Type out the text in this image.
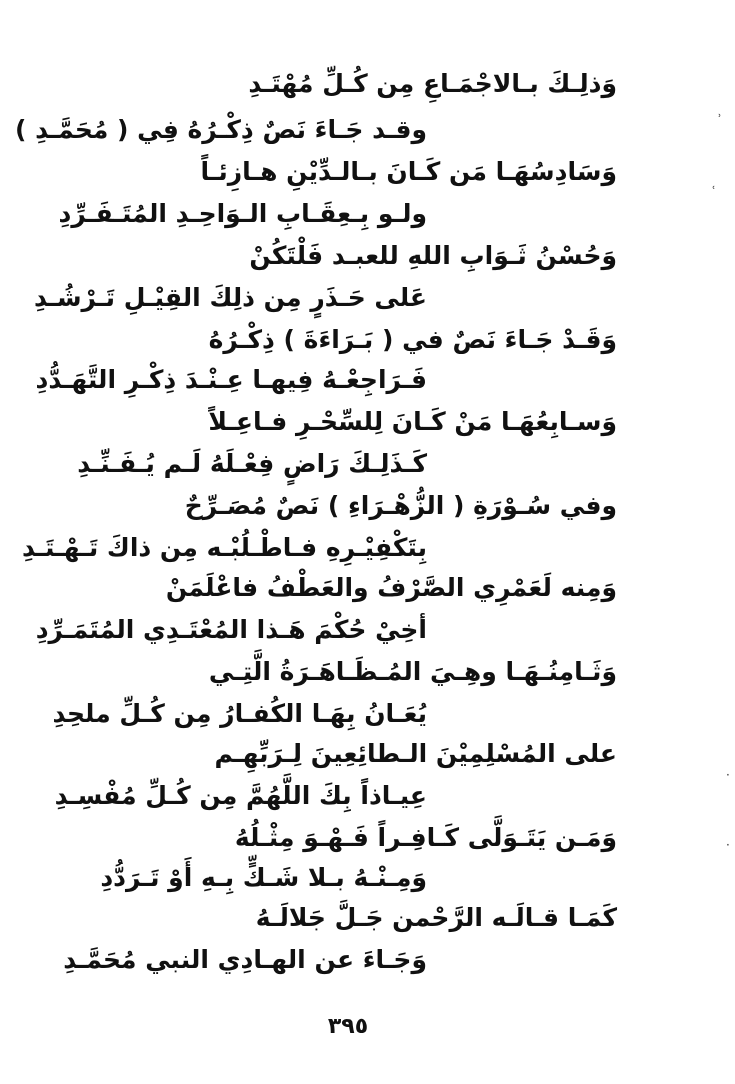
وَذلِـكَ بـالاجْمَـاعِ مِن كُـلِّ مُهْتَـدِ
وقـد جَـاءَ نَصٌ ذِكْـرُهُ فِي ( مُحَمَّـدِ )
وَسَادِسُهَـا مَن كَـانَ بـالـدِّيْنِ هـازِئـاً
ولـو بِـعِقَـابِ الـوَاحِـدِ المُتَـفَـرِّدِ
وَحُسْنُ ثَـوَابِ اللهِ للعبـد فَلْتَكُنْ
عَلى حَـذَرٍ مِن ذلِكَ القِيْـلِ تَـرْشُـدِ
وَقَـدْ جَـاءَ نَصٌ في ( بَـرَاءَةَ ) ذِكْـرُهُ
فَـرَاجِعْـهُ فِيهـا عِـنْـدَ ذِكْـرِ التَّهَـدُّدِ
وَسـابِعُهَـا مَنْ كَـانَ لِلسِّحْـرِ فـاعِـلاً
كَـذَلِـكَ رَاضٍ فِعْـلَهُ لَـم يُـفَـنِّـدِ
وفي سُـوْرَةِ ( الزُّهْـرَاءِ ) نَصٌ مُصَـرِّحٌ
بِتَكْفِيْـرِهِ فـاطْـلُبْـه مِن ذاكَ تَـهْـتَـدِ
وَمِنه لَعَمْرِي الصَّرْفُ والعَطْفُ فاعْلَمَنْ
أخِيْ حُكْمَ هَـذا المُعْتَـدِي المُتَمَـرِّدِ
وَثَـامِنُـهَـا وهِـيَ المُـظَـاهَـرَةُ الَّتِـي
يُعَـانُ بِهَـا الكُفـارُ مِن كُـلِّ ملحِدِ
على المُسْلِمِيْنَ الـطائِعِينَ لِـرَبِّهِـم
عِيـاذاً بِكَ اللَّهُمَّ مِن كُـلِّ مُفْسِـدِ
وَمَـن يَتَـوَلَّى كَـافِـراً فَـهْـوَ مِثْـلُهُ
وَمِـنْـهُ بـلا شَـكٍّ بِـهِ أَوْ تَـرَدُّدِ
كَمَـا قـالَـه الرَّحْمن جَـلَّ جَلالَـهُ
وَجَـاءَ عن الهـادِي النبي مُحَمَّـدِ
٣٩٥
ʾ
ʿ
·
·
